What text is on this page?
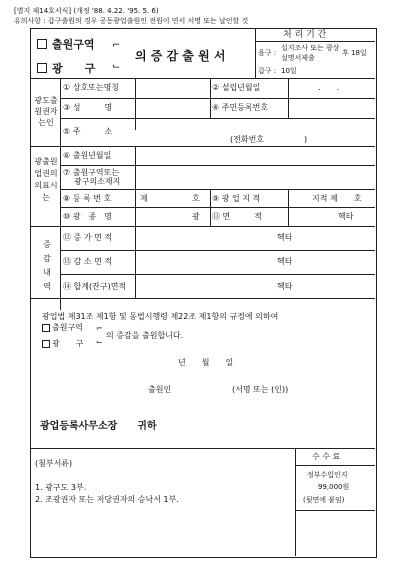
[별지 제14호서식] (개정 '88. 4.22. '95. 5. 6)
유의사항 : 갑구출원의 경우 공동광업출원인 전원이 연서 서명 또는 날인할 것
출원구역 ⌐
광　　구 ⌙
의 증 감 출 원 서
처 리 기 간
을구 :
실지조사 또는 광상설명서제출
후 18일
갑구 : 10일
광도출원권자는인
① 상호또는명칭	② 설립년월일	.　　.
③ 성　　　명	④ 주민등록번호
⑤ 주　　　소
(전화번호　　　　　)
광출원업권의의표시는
⑥ 출원년월일
⑦ 출원구역또는
광구의소재지
⑧ 등 록 번 호	제	호 ⑨ 광 업 지 적	지적 제　　호
⑩ 광　종　명	광 ⑪ 면　　　적	헥타
증감내역
⑫ 증 가 면 적	헥타
⑬ 감 소 면 적	헥타
⑭ 합계(잔구)면적	헥타
광업법 제31조 제1항 및 동법시행령 제22조 제1항의 규정에 의하여
출원구역 ⌐
광　　구 ⌙
의 증감을 출원합니다.
년　　월　　일
출원인	(서명 또는 (인))
광업등록사무소장　　귀하
수 수 료
정부수입인지
99,000원
(뒷면에 붙임)
(첨부서류)
1. 광구도 3부.
2. 조광권자 또는 저당권자의 승낙서 1부.
